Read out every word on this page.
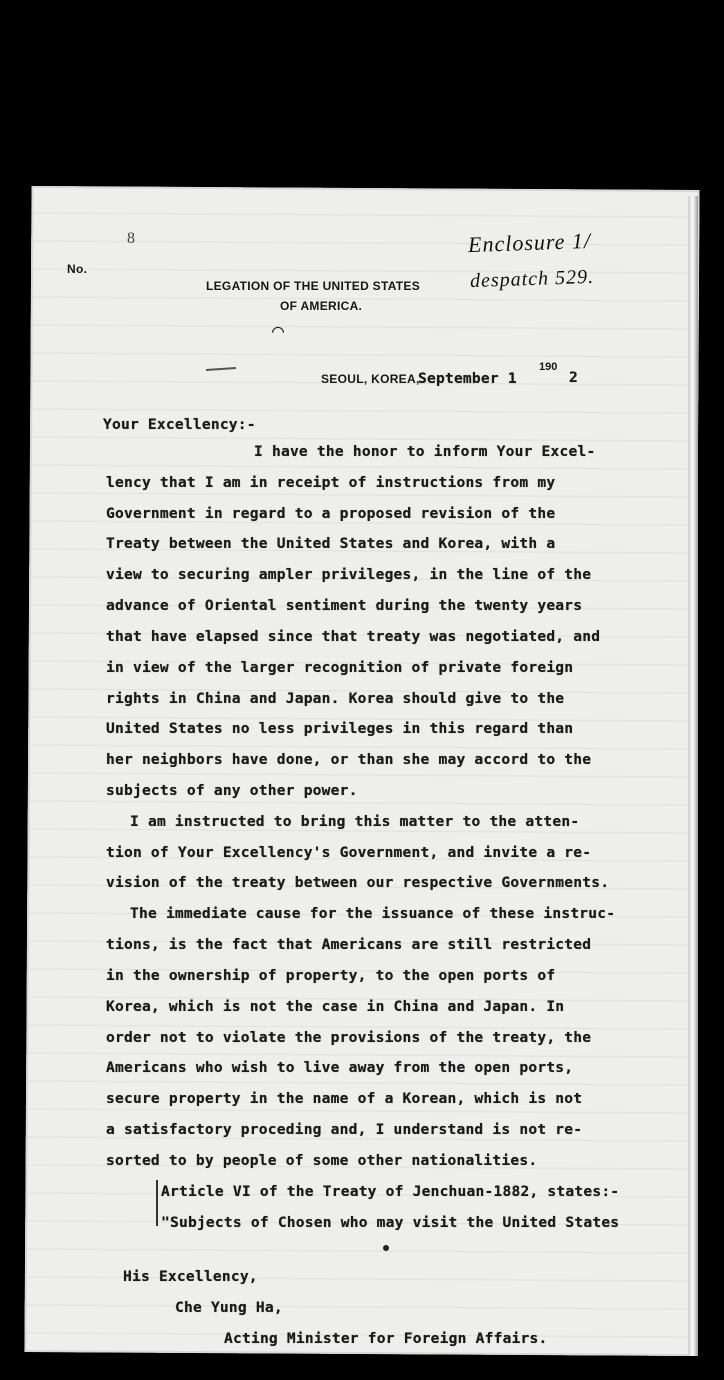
No.
LEGATION OF THE UNITED STATES
OF AMERICA.
8	Enclosure 1/
despatch 529.
⌒
SEOUL, KOREA,
September 1
190
2
Your Excellency:-
I have the honor to inform Your Excel-
lency that I am in receipt of instructions from my
Government in regard to a proposed revision of the
Treaty between the United States and Korea, with a
view to securing ampler privileges, in the line of the
advance of Oriental sentiment during the twenty years
that have elapsed since that treaty was negotiated, and
in view of the larger recognition of private foreign
rights in China and Japan. Korea should give to the
United States no less privileges in this regard than
her neighbors have done, or than she may accord to the
subjects of any other power.
I am instructed to bring this matter to the atten-
tion of Your Excellency's Government, and invite a re-
vision of the treaty between our respective Governments.
The immediate cause for the issuance of these instruc-
tions, is the fact that Americans are still restricted
in the ownership of property, to the open ports of
Korea, which is not the case in China and Japan. In
order not to violate the provisions of the treaty, the
Americans who wish to live away from the open ports,
secure property in the name of a Korean, which is not
a satisfactory proceding and, I understand is not re-
sorted to by people of some other nationalities.
Article VI of the Treaty of Jenchuan-1882, states:-
"Subjects of Chosen who may visit the United States
His Excellency,
Che Yung Ha,
Acting Minister for Foreign Affairs.
